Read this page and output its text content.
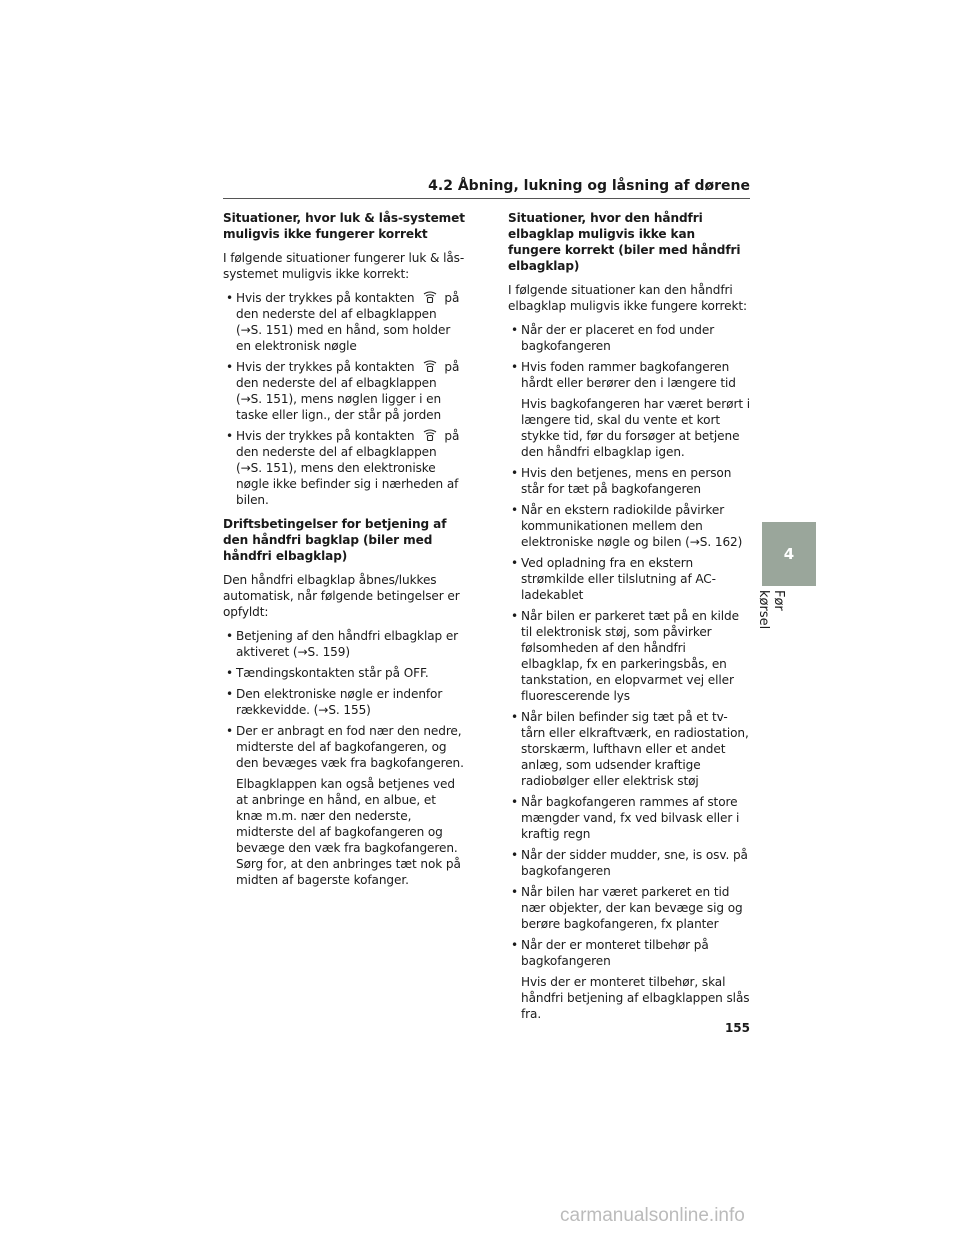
4.2 Åbning, lukning og låsning af dørene
Situationer, hvor luk & lås-systemet muligvis ikke fungerer korrekt

I følgende situationer fungerer luk & lås-systemet muligvis ikke korrekt:

• Hvis der trykkes på kontakten på den nederste del af elbagklappen (→S. 151) med en hånd, som holder en elektronisk nøgle
• Hvis der trykkes på kontakten på den nederste del af elbagklappen (→S. 151), mens nøglen ligger i en taske eller lign., der står på jorden
• Hvis der trykkes på kontakten på den nederste del af elbagklappen (→S. 151), mens den elektroniske nøgle ikke befinder sig i nærheden af bilen.
Driftsbetingelser for betjening af den håndfri bagklap (biler med håndfri elbagklap)

Den håndfri elbagklap åbnes/lukkes automatisk, når følgende betingelser er opfyldt:

• Betjening af den håndfri elbagklap er aktiveret (→S. 159)
• Tændingskontakten står på OFF.
• Den elektroniske nøgle er indenfor rækkevidde. (→S. 155)
• Der er anbragt en fod nær den nedre, midterste del af bagkofangeren, og den bevæges væk fra bagkofangeren.
Elbagklappen kan også betjenes ved at anbringe en hånd, en albue, et knæ m.m. nær den nederste, midterste del af bagkofangeren og bevæge den væk fra bagkofangeren. Sørg for, at den anbringes tæt nok på midten af bagerste kofanger.
Situationer, hvor den håndfri elbagklap muligvis ikke kan fungere korrekt (biler med håndfri elbagklap)

I følgende situationer kan den håndfri elbagklap muligvis ikke fungere korrekt:

• Når der er placeret en fod under bagkofangeren
• Hvis foden rammer bagkofangeren hårdt eller berører den i længere tid
Hvis bagkofangeren har været berørt i længere tid, skal du vente et kort stykke tid, før du forsøger at betjene den håndfri elbagklap igen.
• Hvis den betjenes, mens en person står for tæt på bagkofangeren
• Når en ekstern radiokilde påvirker kommunikationen mellem den elektroniske nøgle og bilen (→S. 162)
• Ved opladning fra en ekstern strømkilde eller tilslutning af AC-ladekablet
• Når bilen er parkeret tæt på en kilde til elektronisk støj, som påvirker følsomheden af den håndfri elbagklap, fx en parkeringsbås, en tankstation, en elopvarmet vej eller fluorescerende lys
• Når bilen befinder sig tæt på et tv-tårn eller elkraftværk, en radiostation, storskærm, lufthavn eller et andet anlæg, som udsender kraftige radiobølger eller elektrisk støj
• Når bagkofangeren rammes af store mængder vand, fx ved bilvask eller i kraftig regn
• Når der sidder mudder, sne, is osv. på bagkofangeren
• Når bilen har været parkeret en tid nær objekter, der kan bevæge sig og berøre bagkofangeren, fx planter
• Når der er monteret tilbehør på bagkofangeren
Hvis der er monteret tilbehør, skal håndfri betjening af elbagklappen slås fra.
4
Før kørsel
155
carmanualsonline.info
